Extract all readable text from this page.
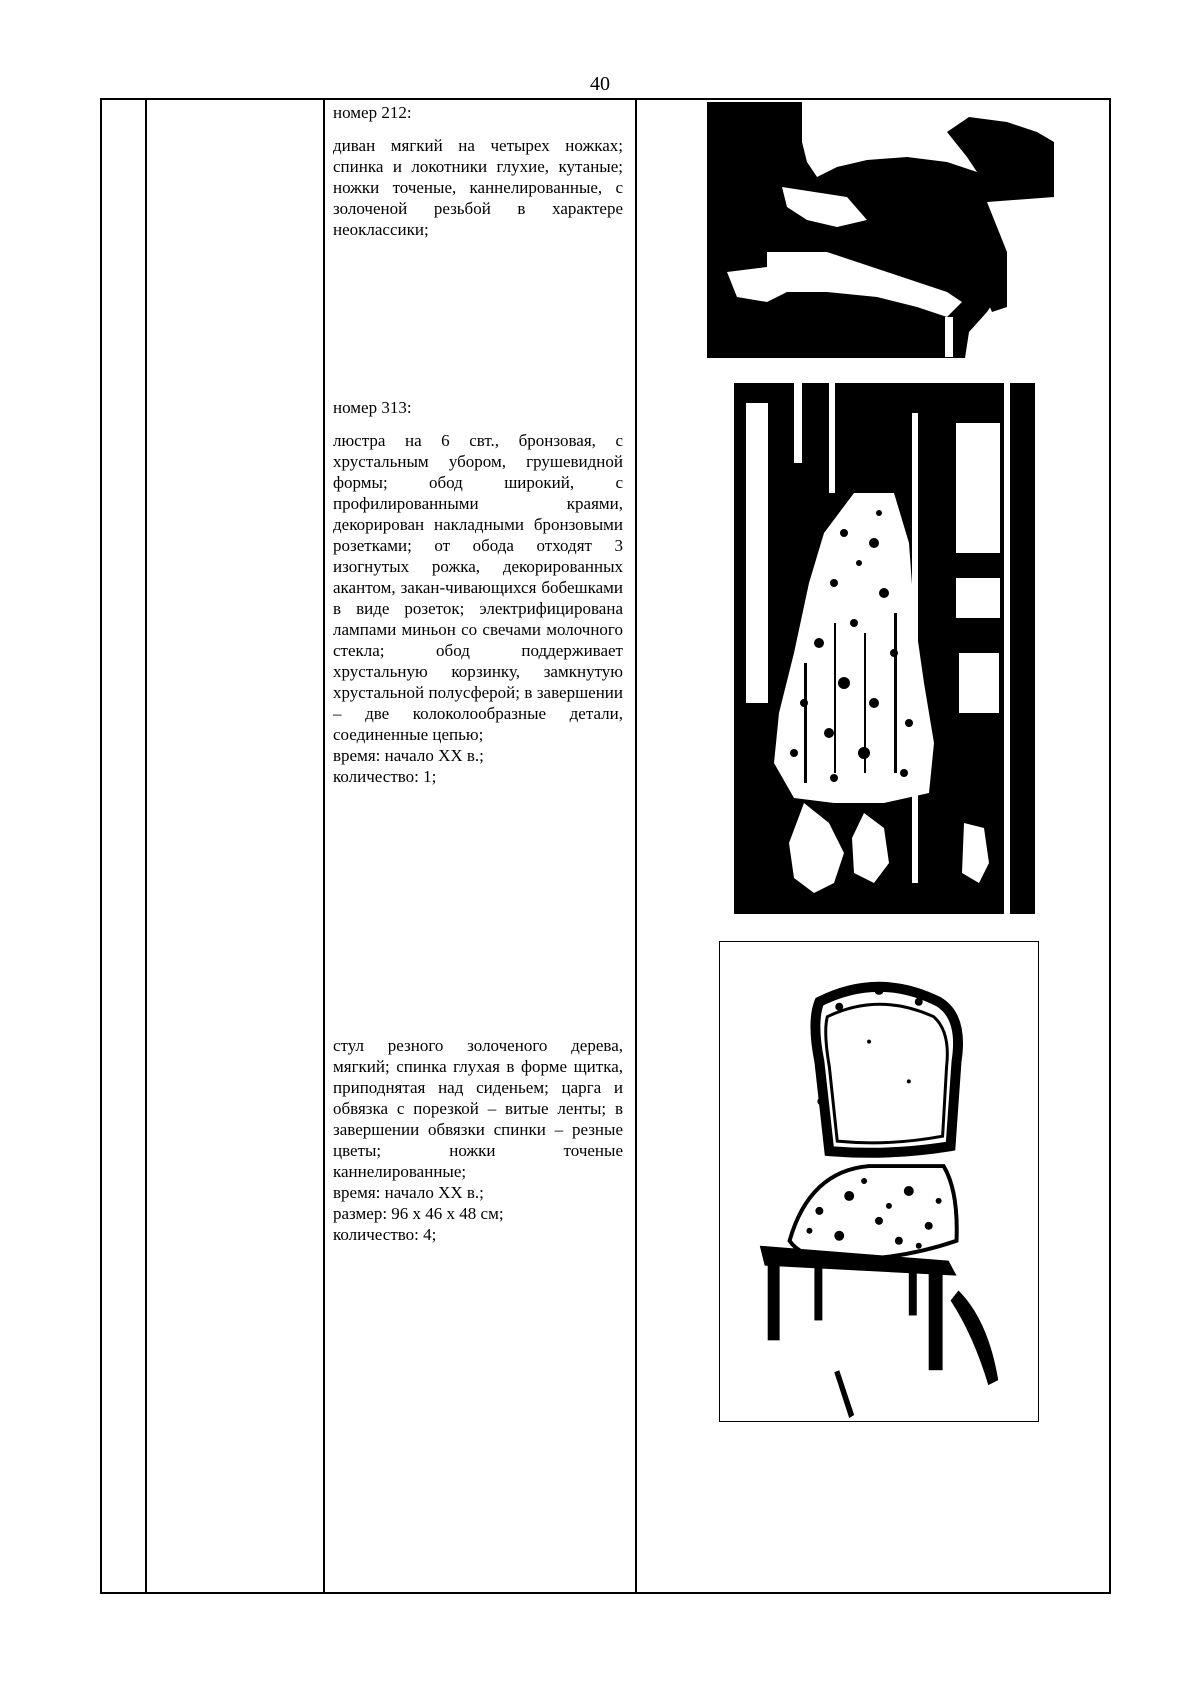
40

номер 212:

диван мягкий на четырех ножках; спинка и локотники глухие, кутаные; ножки точеные, каннелированные, с золоченой резьбой в характере неоклассики;

номер 313:

люстра на 6 свт., бронзовая, с хрустальным убором, грушевидной формы; обод широкий, с профилированными краями, декорирован накладными бронзовыми розетками; от обода отходят 3 изогнутых рожка, декорированных акантом, закан-чивающихся бобешками в виде розеток; электрифицирована лампами миньон со свечами молочного стекла; обод поддерживает хрустальную корзинку, замкнутую хрустальной полусферой; в завершении – две колоколообразные детали, соединенные цепью;

время: начало XX в.;

количество: 1;

стул резного золоченого дерева, мягкий; спинка глухая в форме щитка, приподнятая над сиденьем; царга и обвязка с порезкой – витые ленты; в завершении обвязки спинки – резные цветы; ножки точеные каннелированные;

время: начало XX в.;

размер: 96 х 46 х 48 см;

количество: 4;
